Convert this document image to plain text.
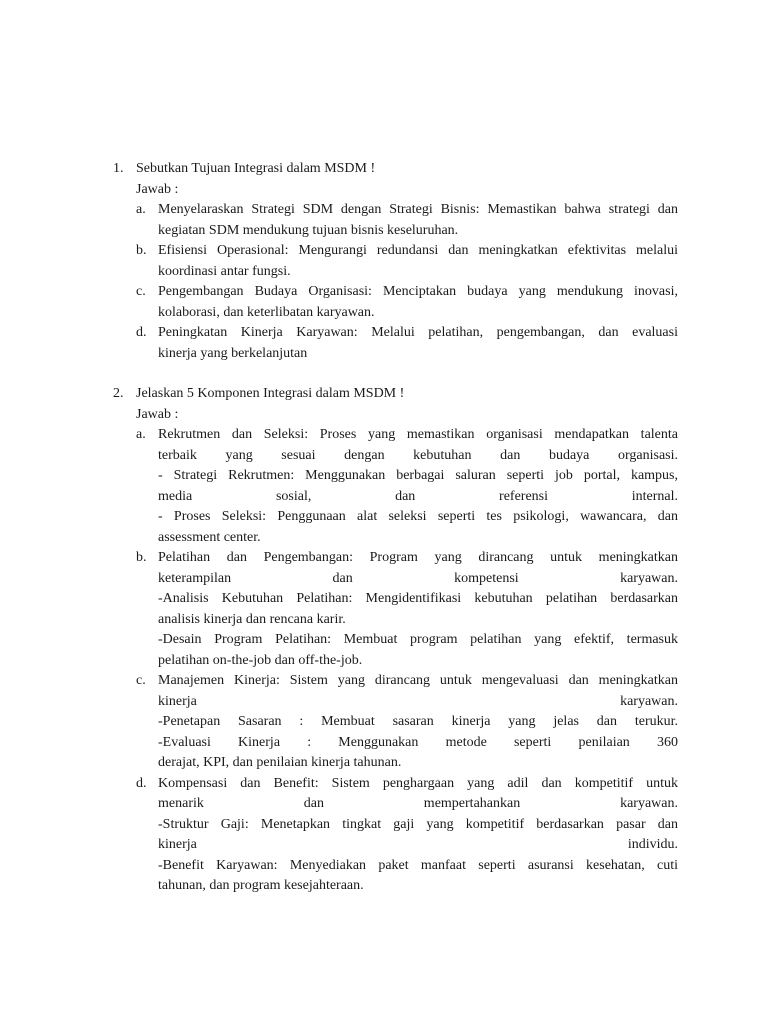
1. Sebutkan Tujuan Integrasi dalam MSDM !
Jawab :
a. Menyelaraskan Strategi SDM dengan Strategi Bisnis: Memastikan bahwa strategi dan
kegiatan SDM mendukung tujuan bisnis keseluruhan.
b. Efisiensi Operasional: Mengurangi redundansi dan meningkatkan efektivitas melalui
koordinasi antar fungsi.
c. Pengembangan Budaya Organisasi: Menciptakan budaya yang mendukung inovasi,
kolaborasi, dan keterlibatan karyawan.
d. Peningkatan Kinerja Karyawan: Melalui pelatihan, pengembangan, dan evaluasi
kinerja yang berkelanjutan
2. Jelaskan 5 Komponen Integrasi dalam MSDM !
Jawab :
a. Rekrutmen dan Seleksi: Proses yang memastikan organisasi mendapatkan talenta
terbaik yang sesuai dengan kebutuhan dan budaya organisasi.
- Strategi Rekrutmen: Menggunakan berbagai saluran seperti job portal, kampus,
media sosial, dan referensi internal.
- Proses Seleksi: Penggunaan alat seleksi seperti tes psikologi, wawancara, dan
assessment center.
b. Pelatihan dan Pengembangan: Program yang dirancang untuk meningkatkan
keterampilan dan kompetensi karyawan.
-Analisis Kebutuhan Pelatihan: Mengidentifikasi kebutuhan pelatihan berdasarkan
analisis kinerja dan rencana karir.
-Desain Program Pelatihan: Membuat program pelatihan yang efektif, termasuk
pelatihan on-the-job dan off-the-job.
c. Manajemen Kinerja: Sistem yang dirancang untuk mengevaluasi dan meningkatkan
kinerja karyawan.
-Penetapan Sasaran : Membuat sasaran kinerja yang jelas dan terukur.
-Evaluasi Kinerja : Menggunakan metode seperti penilaian 360
derajat, KPI, dan penilaian kinerja tahunan.
d. Kompensasi dan Benefit: Sistem penghargaan yang adil dan kompetitif untuk
menarik dan mempertahankan karyawan.
-Struktur Gaji: Menetapkan tingkat gaji yang kompetitif berdasarkan pasar dan
kinerja individu.
-Benefit Karyawan: Menyediakan paket manfaat seperti asuransi kesehatan, cuti
tahunan, dan program kesejahteraan.
